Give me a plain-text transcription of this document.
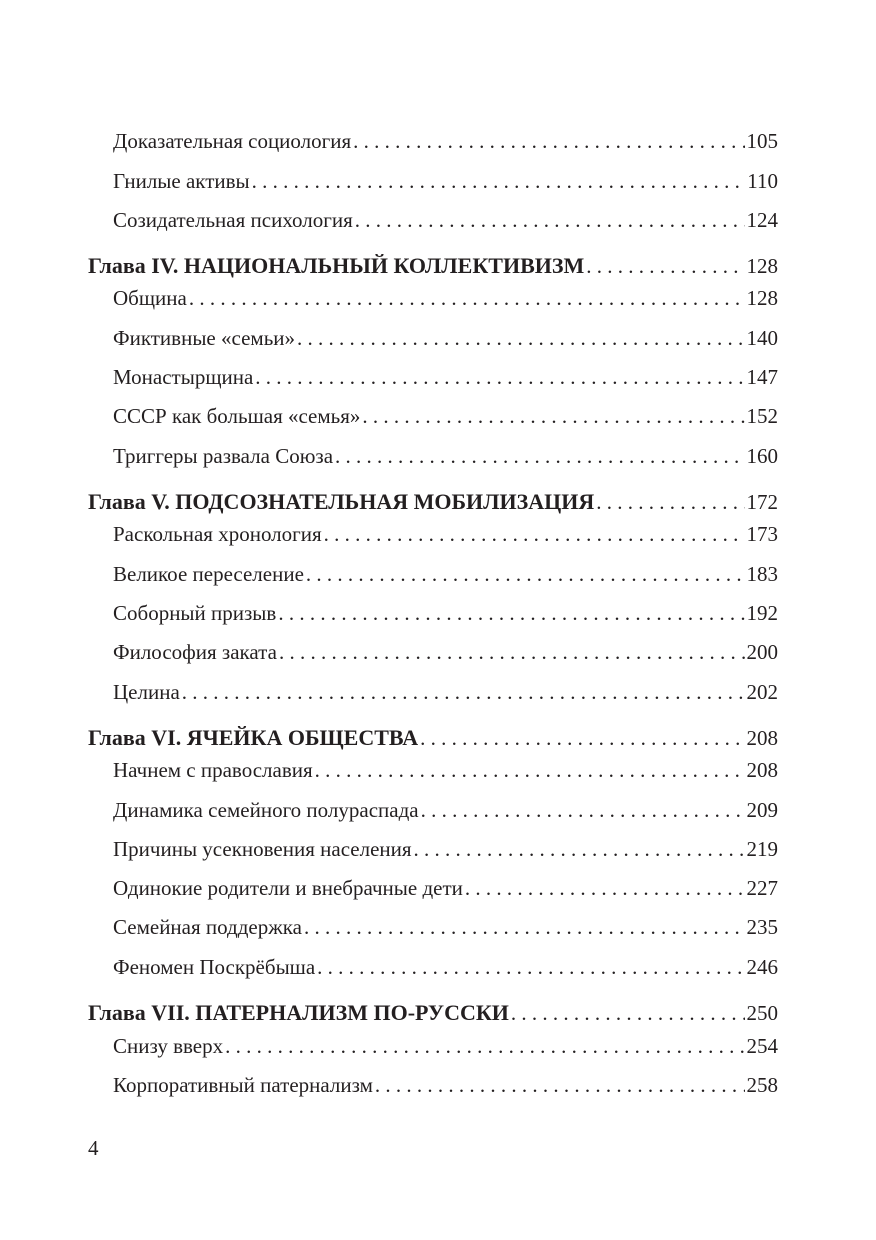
Доказательная социология . . .	105
Гнилые активы . . .	110
Созидательная психология . . .	124
Глава IV. НАЦИОНАЛЬНЫЙ КОЛЛЕКТИВИЗМ . . .	128
Община . . .	128
Фиктивные «семьи» . . .	140
Монастырщина . . .	147
СССР как большая «семья» . . .	152
Триггеры развала Союза . . .	160
Глава V. ПОДСОЗНАТЕЛЬНАЯ МОБИЛИЗАЦИЯ . . .	172
Раскольная хронология . . .	173
Великое переселение . . .	183
Соборный призыв . . .	192
Философия заката . . .	200
Целина . . .	202
Глава VI. ЯЧЕЙКА ОБЩЕСТВА . . .	208
Начнем с православия . . .	208
Динамика семейного полураспада . . .	209
Причины усекновения населения . . .	219
Одинокие родители и внебрачные дети . . .	227
Семейная поддержка . . .	235
Феномен Поскрёбыша . . .	246
Глава VII. ПАТЕРНАЛИЗМ ПО-РУССКИ . . .	250
Снизу вверх . . .	254
Корпоративный патернализм . . .	258
4
